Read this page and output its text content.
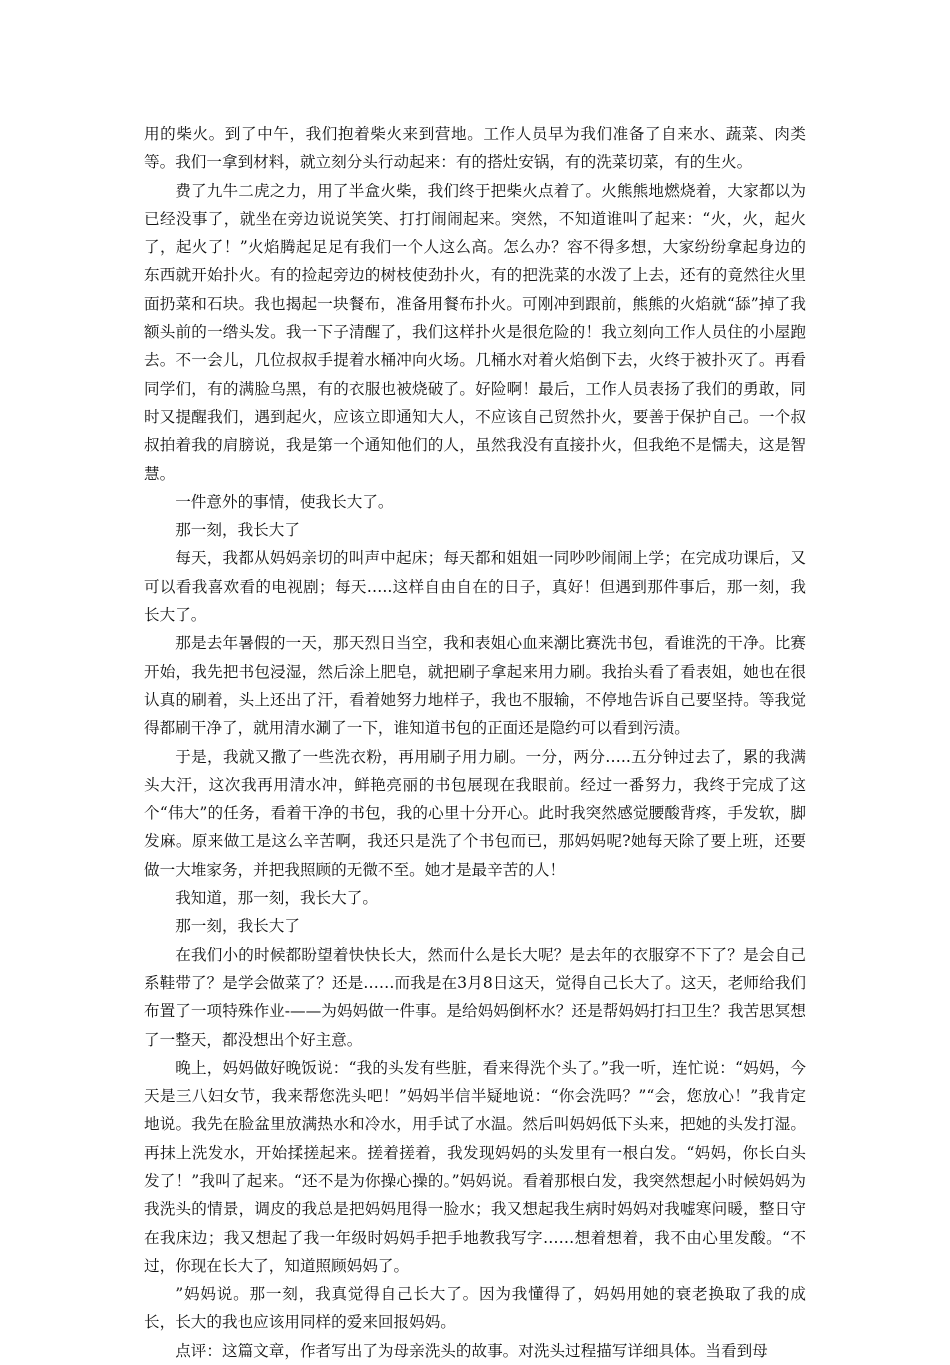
用的柴火。到了中午，我们抱着柴火来到营地。工作人员早为我们准备了自来水、蔬菜、肉类等。我们一拿到材料，就立刻分头行动起来：有的搭灶安锅，有的洗菜切菜，有的生火。

费了九牛二虎之力，用了半盒火柴，我们终于把柴火点着了。火熊熊地燃烧着，大家都以为已经没事了，就坐在旁边说说笑笑、打打闹闹起来。突然，不知道谁叫了起来：“火，火，起火了，起火了！”火焰腾起足足有我们一个人这么高。怎么办？容不得多想，大家纷纷拿起身边的东西就开始扑火。有的捡起旁边的树枝使劲扑火，有的把洗菜的水泼了上去，还有的竟然往火里面扔菜和石块。我也揭起一块餐布，准备用餐布扑火。可刚冲到跟前，熊熊的火焰就“舔”掉了我额头前的一绺头发。我一下子清醒了，我们这样扑火是很危险的！我立刻向工作人员住的小屋跑去。不一会儿，几位叔叔手提着水桶冲向火场。几桶水对着火焰倒下去，火终于被扑灭了。再看同学们，有的满脸乌黑，有的衣服也被烧破了。好险啊！最后，工作人员表扬了我们的勇敢，同时又提醒我们，遇到起火，应该立即通知大人，不应该自己贸然扑火，要善于保护自己。一个叔叔拍着我的肩膀说，我是第一个通知他们的人，虽然我没有直接扑火，但我绝不是懦夫，这是智慧。

一件意外的事情，使我长大了。

那一刻，我长大了

每天，我都从妈妈亲切的叫声中起床；每天都和姐姐一同吵吵闹闹上学；在完成功课后，又可以看我喜欢看的电视剧；每天…..这样自由自在的日子，真好！但遇到那件事后，那一刻，我长大了。

那是去年暑假的一天，那天烈日当空，我和表姐心血来潮比赛洗书包，看谁洗的干净。比赛开始，我先把书包浸湿，然后涂上肥皂，就把刷子拿起来用力刷。我抬头看了看表姐，她也在很认真的刷着，头上还出了汗，看着她努力地样子，我也不服输，不停地告诉自己要坚持。等我觉得都刷干净了，就用清水涮了一下，谁知道书包的正面还是隐约可以看到污渍。

于是，我就又撒了一些洗衣粉，再用刷子用力刷。一分，两分…..五分钟过去了，累的我满头大汗，这次我再用清水冲，鲜艳亮丽的书包展现在我眼前。经过一番努力，我终于完成了这个“伟大”的任务，看着干净的书包，我的心里十分开心。此时我突然感觉腰酸背疼，手发软，脚发麻。原来做工是这么辛苦啊，我还只是洗了个书包而已，那妈妈呢?她每天除了要上班，还要做一大堆家务，并把我照顾的无微不至。她才是最辛苦的人！

我知道，那一刻，我长大了。

那一刻，我长大了

在我们小的时候都盼望着快快长大，然而什么是长大呢？是去年的衣服穿不下了？是会自己系鞋带了？是学会做菜了？还是……而我是在3月8日这天，觉得自己长大了。这天，老师给我们布置了一项特殊作业-——为妈妈做一件事。是给妈妈倒杯水？还是帮妈妈打扫卫生？我苦思冥想了一整天，都没想出个好主意。

晚上，妈妈做好晚饭说：“我的头发有些脏，看来得洗个头了。”我一听，连忙说：“妈妈，今天是三八妇女节，我来帮您洗头吧！”妈妈半信半疑地说：“你会洗吗？”“会，您放心！”我肯定地说。我先在脸盆里放满热水和冷水，用手试了水温。然后叫妈妈低下头来，把她的头发打湿。再抹上洗发水，开始揉搓起来。搓着搓着，我发现妈妈的头发里有一根白发。“妈妈，你长白头发了！”我叫了起来。“还不是为你操心操的。”妈妈说。看着那根白发，我突然想起小时候妈妈为我洗头的情景，调皮的我总是把妈妈甩得一脸水；我又想起我生病时妈妈对我嘘寒问暖，整日守在我床边；我又想起了我一年级时妈妈手把手地教我写字……想着想着，我不由心里发酸。“不过，你现在长大了，知道照顾妈妈了。

”妈妈说。那一刻，我真觉得自己长大了。因为我懂得了，妈妈用她的衰老换取了我的成长，长大的我也应该用同样的爱来回报妈妈。

点评：这篇文章，作者写出了为母亲洗头的故事。对洗头过程描写详细具体。当看到母
